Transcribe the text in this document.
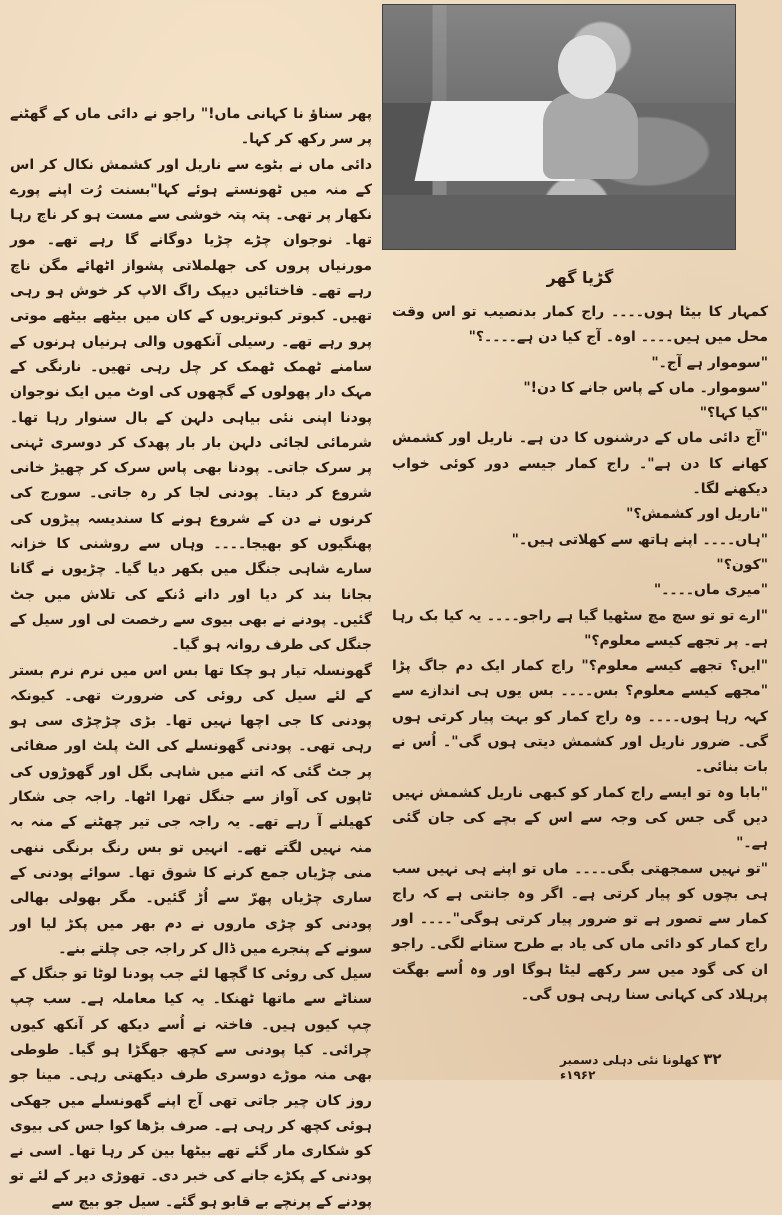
پھر سناؤ نا کہانی ماں!" راجو نے دائی ماں کے گھٹنے پر سر رکھ کر کہا۔

دائی ماں نے بٹوے سے ناریل اور کشمش نکال کر اس کے منہ میں ٹھونستے ہوئے کہا"بسنت رُت اپنے پورے نکھار پر تھی۔ پتہ پتہ خوشی سے مست ہو کر ناچ رہا تھا۔ نوجوان چڑے چڑیا دوگانے گا رہے تھے۔ مور مورنیاں پروں کی جھلملاتی پشواز اٹھائے مگن ناچ رہے تھے۔ فاختائیں دیپک راگ الاپ کر خوش ہو رہی تھیں۔ کبوتر کبوتریوں کے کان میں بیٹھے بیٹھے موتی پرو رہے تھے۔ رسیلی آنکھوں والی ہرنیاں ہرنوں کے سامنے ٹھمک ٹھمک کر چل رہی تھیں۔ نارنگی کے مہک دار پھولوں کے گچھوں کی اوٹ میں ایک نوجوان پودنا اپنی نئی بیاہی دلہن کے بال سنوار رہا تھا۔ شرمائی لجائی دلہن بار بار پھدک کر دوسری ٹہنی پر سرک جاتی۔ پودنا بھی پاس سرک کر چھیڑ خانی شروع کر دیتا۔ پودنی لجا کر رہ جاتی۔ سورج کی کرنوں نے دن کے شروع ہونے کا سندیسہ پیڑوں کی پھنگیوں کو بھیجا۔۔۔۔ وہاں سے روشنی کا خزانہ سارے شاہی جنگل میں بکھر دیا گیا۔ چڑیوں نے گانا بجانا بند کر دیا اور دانے دُنکے کی تلاش میں جٹ گئیں۔ پودنے نے بھی بیوی سے رخصت لی اور سیل کے جنگل کی طرف روانہ ہو گیا۔

گھونسلہ تیار ہو چکا تھا بس اس میں نرم نرم بستر کے لئے سیل کی روئی کی ضرورت تھی۔ کیونکہ پودنی کا جی اچھا نہیں تھا۔ بڑی چڑچڑی سی ہو رہی تھی۔ پودنی گھونسلے کی الٹ پلٹ اور صفائی پر جٹ گئی کہ اتنے میں شاہی بگل اور گھوڑوں کی ٹاپوں کی آواز سے جنگل تھرا اٹھا۔ راجہ جی شکار کھیلنے آ رہے تھے۔ یہ راجہ جی تیر چھٹنے کے منہ بہ منہ نہیں لگتے تھے۔ انہیں تو بس رنگ برنگی ننھی منی چڑیاں جمع کرنے کا شوق تھا۔ سوائے پودنی کے ساری چڑیاں پھرّ سے اُڑ گئیں۔ مگر بھولی بھالی پودنی کو چڑی ماروں نے دم بھر میں پکڑ لیا اور سونے کے پنجرے میں ڈال کر راجہ جی چلتے بنے۔

سیل کی روئی کا گچھا لئے جب پودنا لوٹا تو جنگل کے سناٹے سے ماتھا ٹھنکا۔ یہ کیا معاملہ ہے۔ سب چپ چپ کیوں ہیں۔ فاختہ نے اُسے دیکھ کر آنکھ کیوں چرائی۔ کیا پودنی سے کچھ جھگڑا ہو گیا۔ طوطی بھی منہ موڑے دوسری طرف دیکھتی رہی۔ مینا جو روز کان چیر جاتی تھی آج اپنے گھونسلے میں جھکی ہوئی کچھ کر رہی ہے۔ صرف بڑھا کوا جس کی بیوی کو شکاری مار گئے تھے بیٹھا بین کر رہا تھا۔ اسی نے پودنی کے پکڑے جانے کی خبر دی۔ تھوڑی دیر کے لئے تو پودنے کے پرنچے بے قابو ہو گئے۔ سیل جو بیچ سے

گڑیا گھر

کمہار کا بیٹا ہوں۔۔۔۔ راج کمار بدنصیب تو اس وقت محل میں ہیں۔۔۔۔ اوہ۔ آج کیا دن ہے۔۔۔۔؟"

"سوموار ہے آج۔"

"سوموار۔ ماں کے پاس جانے کا دن!"

"کیا کہا؟"

"آج دائی ماں کے درشنوں کا دن ہے۔ ناریل اور کشمش کھانے کا دن ہے"۔ راج کمار جیسے دور کوئی خواب دیکھنے لگا۔

"ناریل اور کشمش؟"

"ہاں۔۔۔۔ اپنے ہاتھ سے کھلاتی ہیں۔"

"کون؟"

"میری ماں۔۔۔۔"

"ارے تو تو سچ مچ سٹھیا گیا ہے راجو۔۔۔۔ یہ کیا بک رہا ہے۔ پر تجھے کیسے معلوم؟"

"ایں؟ تجھے کیسے معلوم؟" راج کمار ایک دم جاگ پڑا "مجھے کیسے معلوم؟ بس۔۔۔۔ بس یوں ہی اندازے سے کہہ رہا ہوں۔۔۔۔ وہ راج کمار کو بہت پیار کرتی ہوں گی۔ ضرور ناریل اور کشمش دیتی ہوں گی"۔ اُس نے بات بنائی۔

"بابا وہ تو ایسے راج کمار کو کبھی ناریل کشمش نہیں دیں گی جس کی وجہ سے اس کے بچے کی جان گئی ہے۔"

"تو نہیں سمجھتی بگی۔۔۔۔ ماں تو اپنے ہی نہیں سب ہی بچوں کو پیار کرتی ہے۔ اگر وہ جانتی ہے کہ راج کمار سے تصور ہے تو ضرور پیار کرتی ہوگی"۔۔۔۔ اور راج کمار کو دائی ماں کی یاد بے طرح ستانے لگی۔ راجو ان کی گود میں سر رکھے لیٹا ہوگا اور وہ اُسے بھگت پرہلاد کی کہانی سنا رہی ہوں گی۔

۳۲ کھلونا نئی دہلی دسمبر ۱۹۶۲ء
